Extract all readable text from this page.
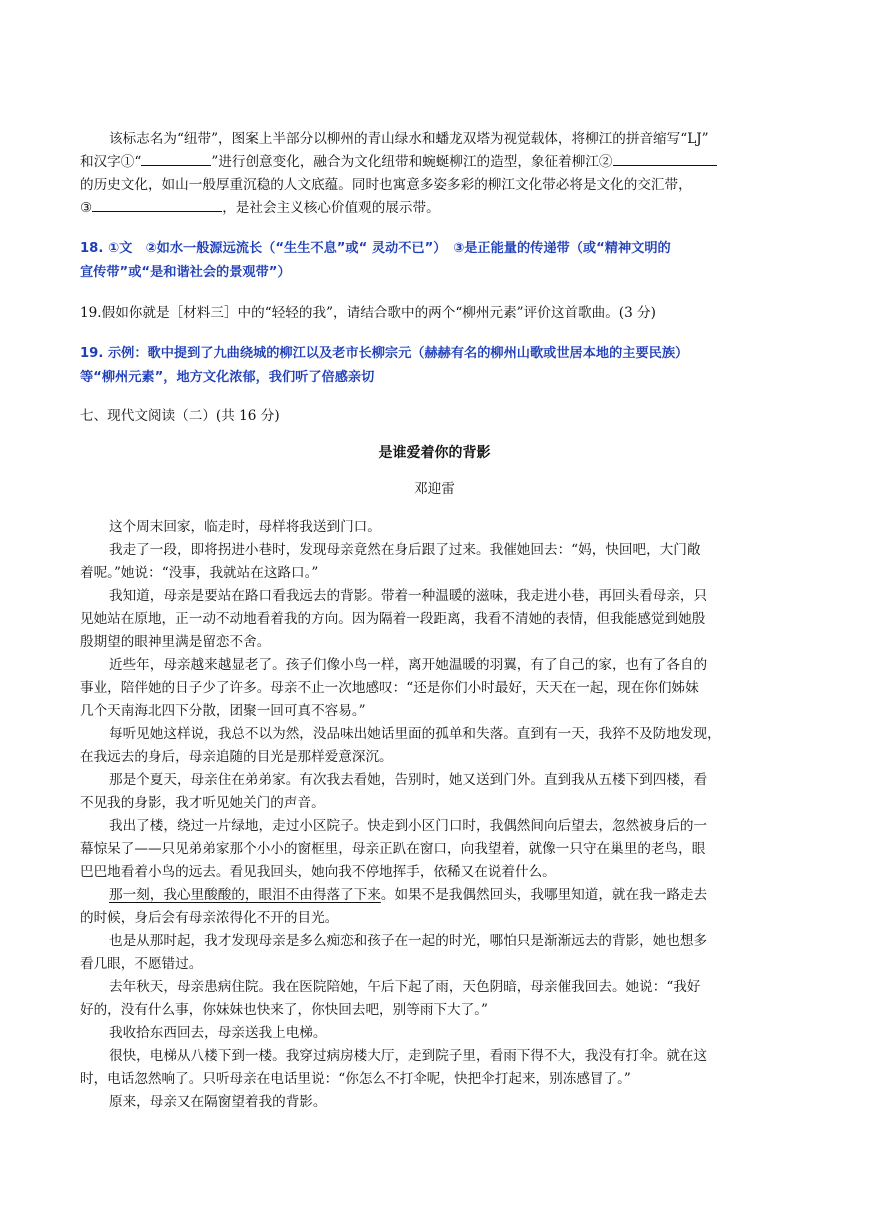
该标志名为“纽带”，图案上半部分以柳州的青山绿水和蟠龙双塔为视觉载体，将柳江的拼音缩写“LJ”
和汉字①“	”进行创意变化，融合为文化纽带和蜿蜒柳江的造型，象征着柳江②
的历史文化，如山一般厚重沉稳的人文底蕴。同时也寓意多姿多彩的柳江文化带必将是文化的交汇带，
③	，是社会主义核心价值观的展示带。
18. ①文　②如水一般源远流长（“生生不息”或“ 灵动不已”）　③是正能量的传递带（或“精神文明的
宣传带”或“是和谐社会的景观带”）
19.假如你就是［材料三］中的“轻轻的我”，请结合歌中的两个“柳州元素”评价这首歌曲。(3 分)
19. 示例：歌中提到了九曲绕城的柳江以及老市长柳宗元（赫赫有名的柳州山歌或世居本地的主要民族）
等“柳州元素”，地方文化浓郁，我们听了倍感亲切
七、现代文阅读（二）(共 16 分)
是谁爱着你的背影
邓迎雷
这个周末回家，临走时，母样将我送到门口。
我走了一段，即将拐进小巷时，发现母亲竟然在身后跟了过来。我催她回去：“妈，快回吧，大门敞
着呢。”她说：“没事，我就站在这路口。”
我知道，母亲是要站在路口看我远去的背影。带着一种温暖的滋味，我走进小巷，再回头看母亲，只
见她站在原地，正一动不动地看着我的方向。因为隔着一段距离，我看不清她的表情，但我能感觉到她殷
殷期望的眼神里满是留恋不舍。
近些年，母亲越来越显老了。孩子们像小鸟一样，离开她温暖的羽翼，有了自己的家，也有了各自的
事业，陪伴她的日子少了许多。母亲不止一次地感叹：“还是你们小时最好，天天在一起，现在你们姊妹
几个天南海北四下分散，团聚一回可真不容易。”
每听见她这样说，我总不以为然，没品味出她话里面的孤单和失落。直到有一天，我猝不及防地发现，
在我远去的身后，母亲追随的目光是那样爱意深沉。
那是个夏天，母亲住在弟弟家。有次我去看她，告别时，她又送到门外。直到我从五楼下到四楼，看
不见我的身影，我才听见她关门的声音。
我出了楼，绕过一片绿地，走过小区院子。快走到小区门口时，我偶然间向后望去，忽然被身后的一
幕惊呆了——只见弟弟家那个小小的窗框里，母亲正趴在窗口，向我望着，就像一只守在巢里的老鸟，眼
巴巴地看着小鸟的远去。看见我回头，她向我不停地挥手，依稀又在说着什么。
那一刻，我心里酸酸的，眼泪不由得落了下来。如果不是我偶然回头，我哪里知道，就在我一路走去
的时候，身后会有母亲浓得化不开的目光。
也是从那时起，我才发现母亲是多么痴恋和孩子在一起的时光，哪怕只是渐渐远去的背影，她也想多
看几眼，不愿错过。
去年秋天，母亲患病住院。我在医院陪她，午后下起了雨，天色阴暗，母亲催我回去。她说：“我好
好的，没有什么事，你妹妹也快来了，你快回去吧，别等雨下大了。”
我收拾东西回去，母亲送我上电梯。
很快，电梯从八楼下到一楼。我穿过病房楼大厅，走到院子里，看雨下得不大，我没有打伞。就在这
时，电话忽然响了。只听母亲在电话里说：“你怎么不打伞呢，快把伞打起来，别冻感冒了。”
原来，母亲又在隔窗望着我的背影。
